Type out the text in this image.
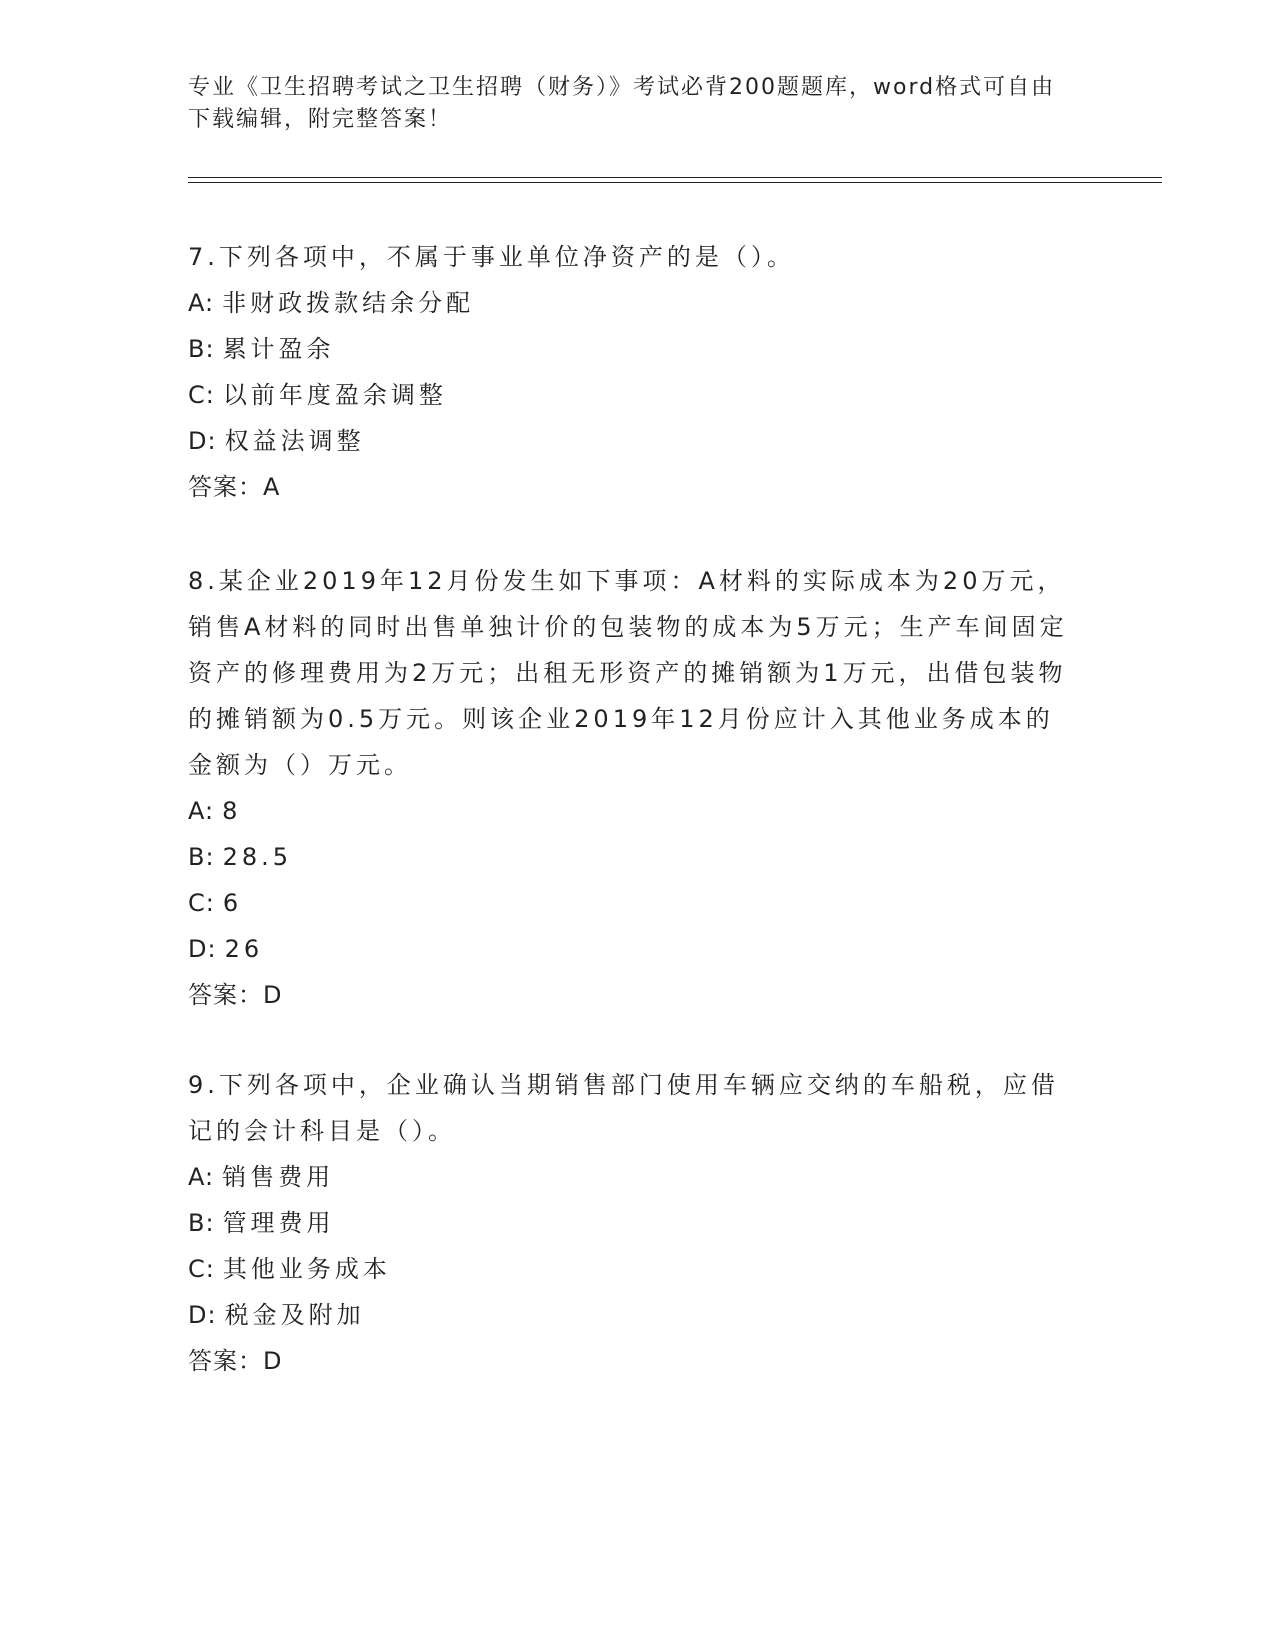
专业《卫生招聘考试之卫生招聘（财务）》考试必背200题题库，word格式可自由下载编辑，附完整答案！

7.下列各项中，不属于事业单位净资产的是（）。

A: 非财政拨款结余分配
B: 累计盈余
C: 以前年度盈余调整
D: 权益法调整
答案：A

8.某企业2019年12月份发生如下事项：A材料的实际成本为20万元，销售A材料的同时出售单独计价的包装物的成本为5万元；生产车间固定资产的修理费用为2万元；出租无形资产的摊销额为1万元，出借包装物的摊销额为0.5万元。则该企业2019年12月份应计入其他业务成本的金额为（）万元。

A: 8
B: 28.5
C: 6
D: 26
答案：D

9.下列各项中，企业确认当期销售部门使用车辆应交纳的车船税，应借记的会计科目是（）。

A: 销售费用
B: 管理费用
C: 其他业务成本
D: 税金及附加
答案：D
